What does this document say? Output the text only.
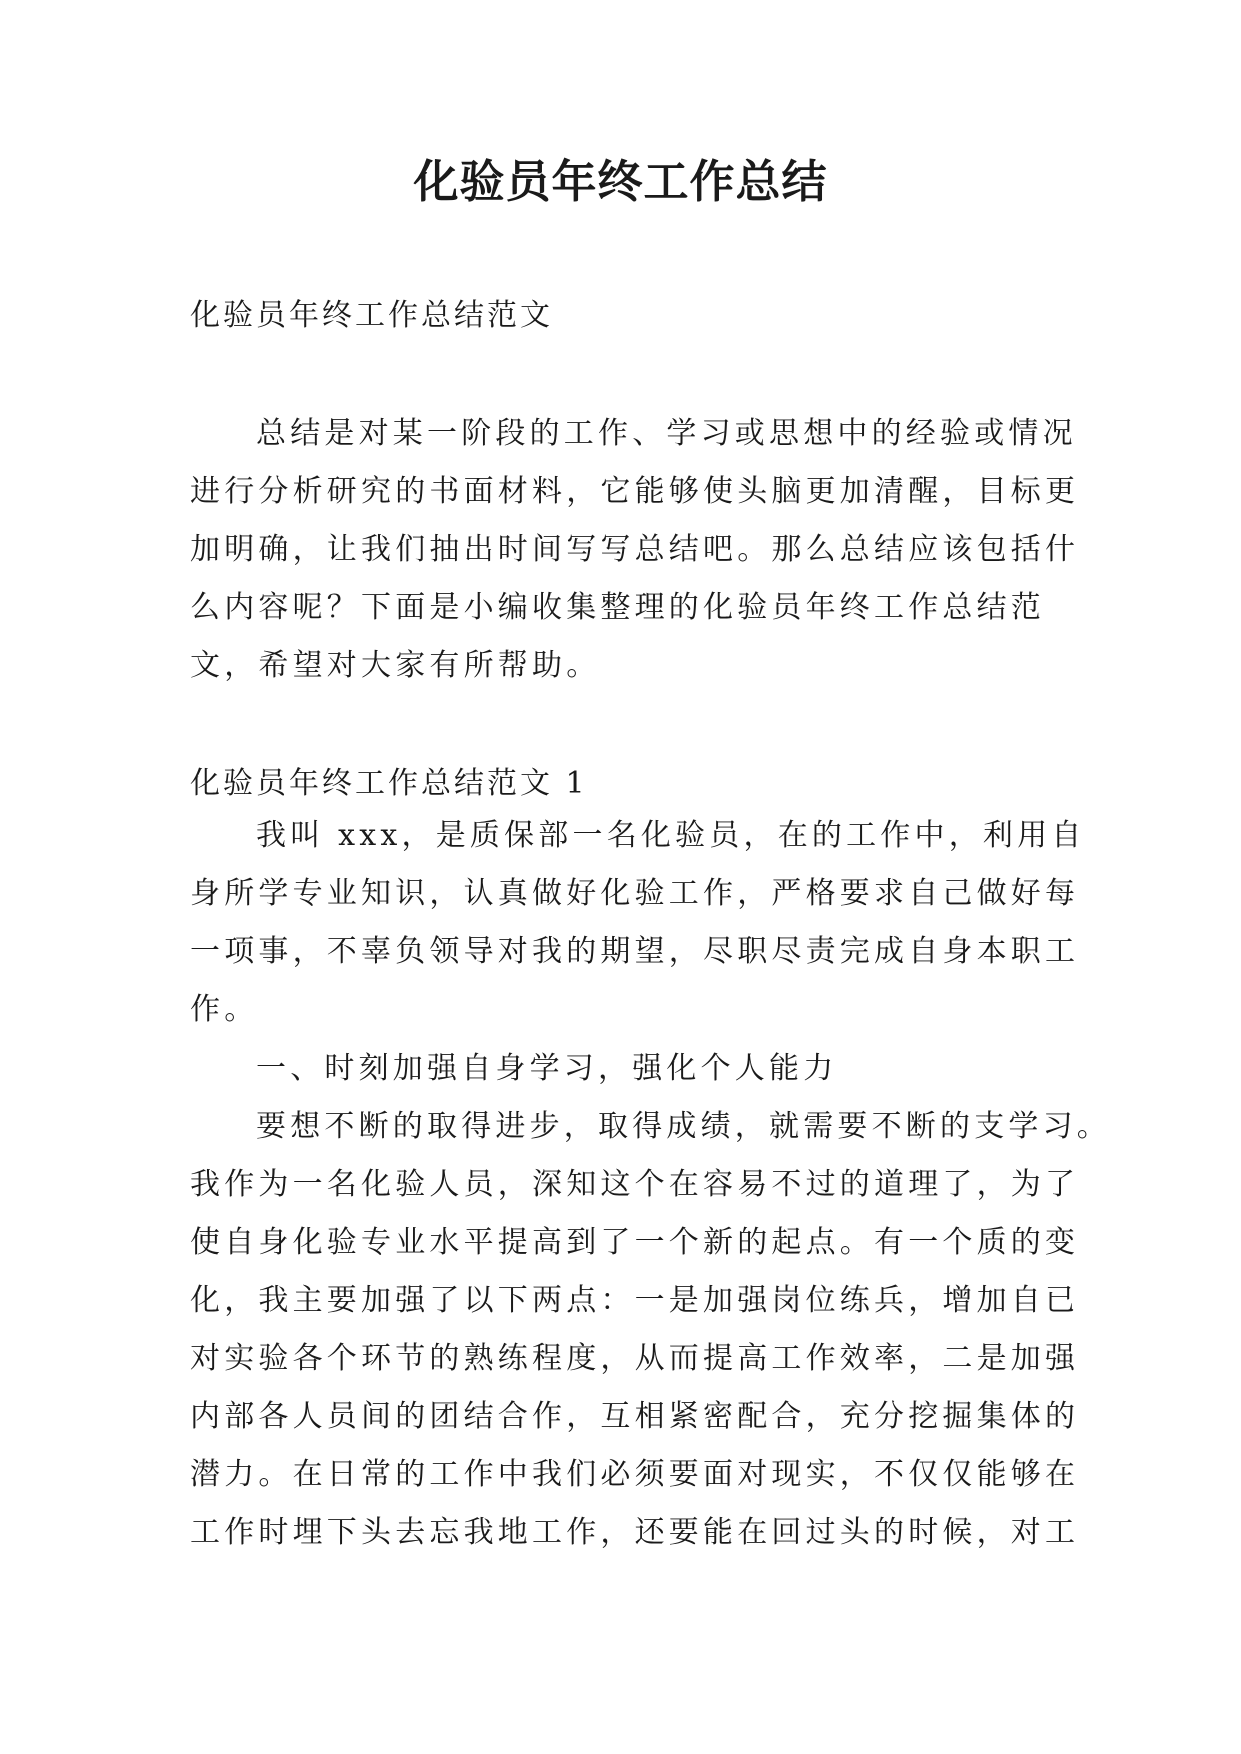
化验员年终工作总结
化验员年终工作总结范文
总结是对某一阶段的工作、学习或思想中的经验或情况
进行分析研究的书面材料，它能够使头脑更加清醒，目标更
加明确，让我们抽出时间写写总结吧。那么总结应该包括什
么内容呢？下面是小编收集整理的化验员年终工作总结范
文，希望对大家有所帮助。
化验员年终工作总结范文 1
我叫 xxx，是质保部一名化验员，在的工作中，利用自
身所学专业知识，认真做好化验工作，严格要求自己做好每
一项事，不辜负领导对我的期望，尽职尽责完成自身本职工
作。
一、时刻加强自身学习，强化个人能力
要想不断的取得进步，取得成绩，就需要不断的支学习。
我作为一名化验人员，深知这个在容易不过的道理了，为了
使自身化验专业水平提高到了一个新的起点。有一个质的变
化，我主要加强了以下两点：一是加强岗位练兵，增加自已
对实验各个环节的熟练程度，从而提高工作效率，二是加强
内部各人员间的团结合作，互相紧密配合，充分挖掘集体的
潜力。在日常的工作中我们必须要面对现实，不仅仅能够在
工作时埋下头去忘我地工作，还要能在回过头的时候，对工
